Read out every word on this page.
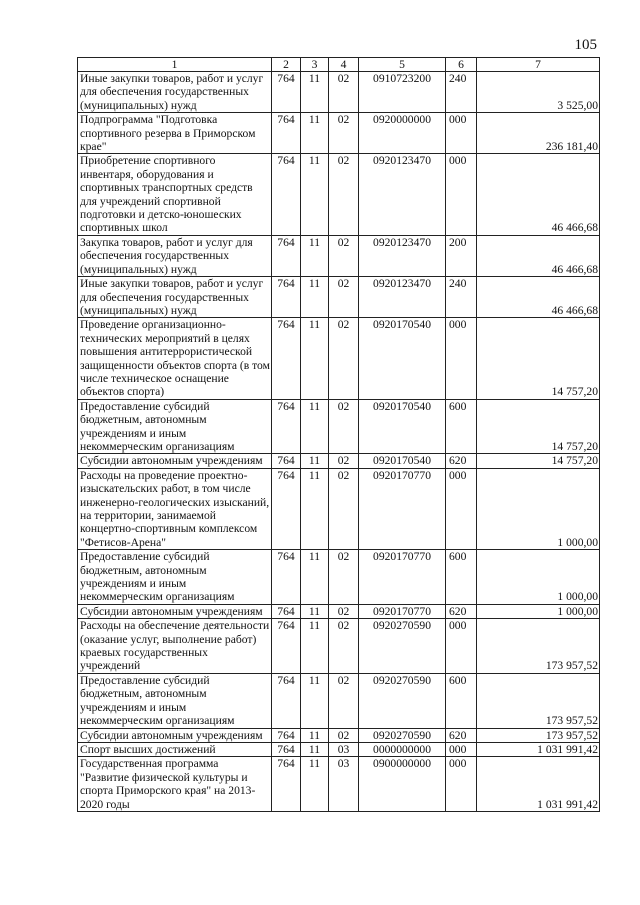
105
1	2	3	4	5	6	7
Иные закупки товаров, работ и услуг для обеспечения государственных (муниципальных) нужд	764	11	02	0910723200	240	3 525,00
Подпрограмма "Подготовка спортивного резерва в Приморском крае"	764	11	02	0920000000	000	236 181,40
Приобретение спортивного инвентаря, оборудования и спортивных транспортных средств для учреждений спортивной подготовки и детско-юношеских спортивных школ	764	11	02	0920123470	000	46 466,68
Закупка товаров, работ и услуг для обеспечения государственных (муниципальных) нужд	764	11	02	0920123470	200	46 466,68
Иные закупки товаров, работ и услуг для обеспечения государственных (муниципальных) нужд	764	11	02	0920123470	240	46 466,68
Проведение организационно-технических мероприятий в целях повышения антитеррористической защищенности объектов спорта (в том числе техническое оснащение объектов спорта)	764	11	02	0920170540	000	14 757,20
Предоставление субсидий бюджетным, автономным учреждениям и иным некоммерческим организациям	764	11	02	0920170540	600	14 757,20
Субсидии автономным учреждениям	764	11	02	0920170540	620	14 757,20
Расходы на проведение проектно-изыскательских работ, в том числе инженерно-геологических изысканий, на территории, занимаемой концертно-спортивным комплексом "Фетисов-Арена"	764	11	02	0920170770	000	1 000,00
Предоставление субсидий бюджетным, автономным учреждениям и иным некоммерческим организациям	764	11	02	0920170770	600	1 000,00
Субсидии автономным учреждениям	764	11	02	0920170770	620	1 000,00
Расходы на обеспечение деятельности (оказание услуг, выполнение работ) краевых государственных учреждений	764	11	02	0920270590	000	173 957,52
Предоставление субсидий бюджетным, автономным учреждениям и иным некоммерческим организациям	764	11	02	0920270590	600	173 957,52
Субсидии автономным учреждениям	764	11	02	0920270590	620	173 957,52
Спорт высших достижений	764	11	03	0000000000	000	1 031 991,42
Государственная программа "Развитие физической культуры и спорта Приморского края" на 2013-2020 годы	764	11	03	0900000000	000	1 031 991,42
